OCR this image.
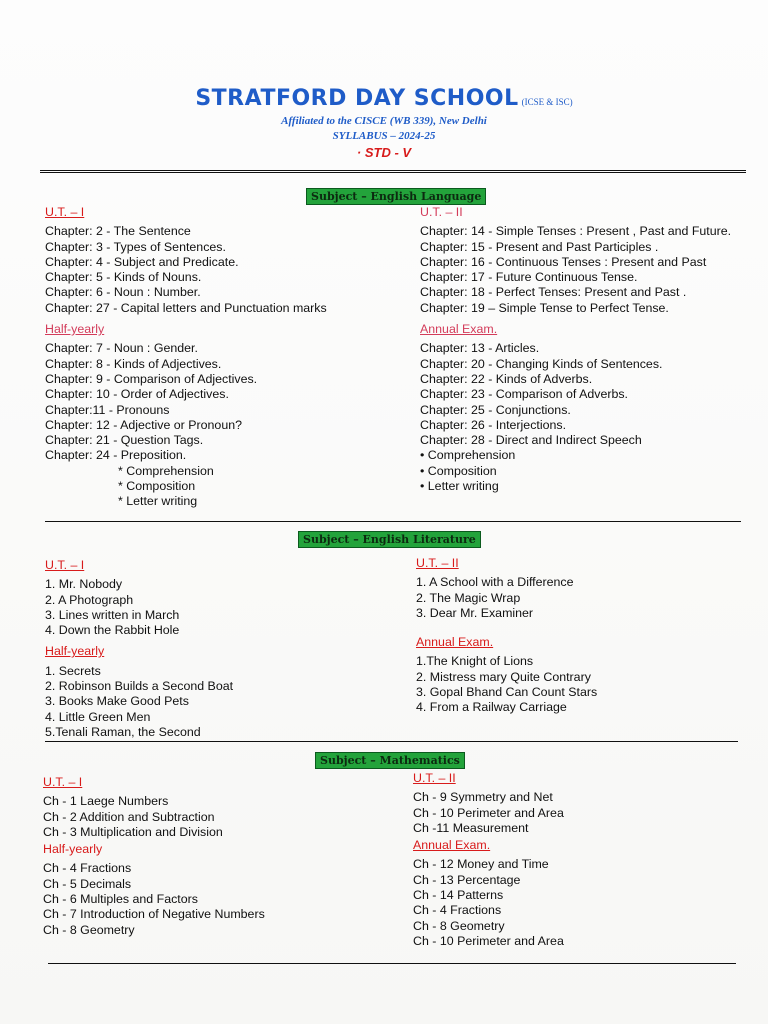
STRATFORD DAY SCHOOL (ICSE & ISC)
Affiliated to the CISCE (WB 339), New Delhi
SYLLABUS – 2024-25
· STD - V
Subject – English Language
U.T. – I
Chapter: 2 - The Sentence
Chapter: 3 - Types of Sentences.
Chapter: 4 - Subject and Predicate.
Chapter: 5 - Kinds of Nouns.
Chapter: 6 - Noun : Number.
Chapter: 27 - Capital letters and Punctuation marks
Half-yearly
Chapter: 7 - Noun : Gender.
Chapter: 8 - Kinds of Adjectives.
Chapter: 9 - Comparison of Adjectives.
Chapter: 10 - Order of Adjectives.
Chapter:11 - Pronouns
Chapter: 12 - Adjective or Pronoun?
Chapter: 21 - Question Tags.
Chapter: 24 - Preposition.
* Comprehension
* Composition
* Letter writing
U.T. – II
Chapter: 14 - Simple Tenses : Present , Past and Future.
Chapter: 15 - Present and Past Participles .
Chapter: 16 - Continuous Tenses : Present and Past
Chapter: 17 - Future Continuous Tense.
Chapter: 18 - Perfect Tenses: Present and Past .
Chapter: 19 – Simple Tense to Perfect Tense.
Annual Exam.
Chapter: 13 - Articles.
Chapter: 20 - Changing Kinds of Sentences.
Chapter: 22 - Kinds of Adverbs.
Chapter: 23 - Comparison of Adverbs.
Chapter: 25 - Conjunctions.
Chapter: 26 - Interjections.
Chapter: 28 - Direct and Indirect Speech
• Comprehension
• Composition
• Letter writing
Subject – English Literature
U.T. – I
1. Mr. Nobody
2. A Photograph
3. Lines written in March
4. Down the Rabbit Hole
Half-yearly
1. Secrets
2. Robinson Builds a Second Boat
3. Books Make Good Pets
4. Little Green Men
5.Tenali Raman, the Second
U.T. – II
1. A School with a Difference
2. The Magic Wrap
3. Dear Mr. Examiner
Annual Exam.
1.The Knight of Lions
2. Mistress mary Quite Contrary
3. Gopal Bhand Can Count Stars
4. From a Railway Carriage
Subject – Mathematics
U.T. – I
Ch - 1 Laege Numbers
Ch - 2 Addition and Subtraction
Ch - 3 Multiplication and Division
Half-yearly
Ch - 4 Fractions
Ch - 5 Decimals
Ch - 6 Multiples and Factors
Ch - 7 Introduction of Negative Numbers
Ch - 8 Geometry
U.T. – II
Ch - 9 Symmetry and Net
Ch - 10 Perimeter and Area
Ch -11 Measurement
Annual Exam.
Ch - 12 Money and Time
Ch - 13 Percentage
Ch - 14 Patterns
Ch - 4 Fractions
Ch - 8 Geometry
Ch - 10 Perimeter and Area
